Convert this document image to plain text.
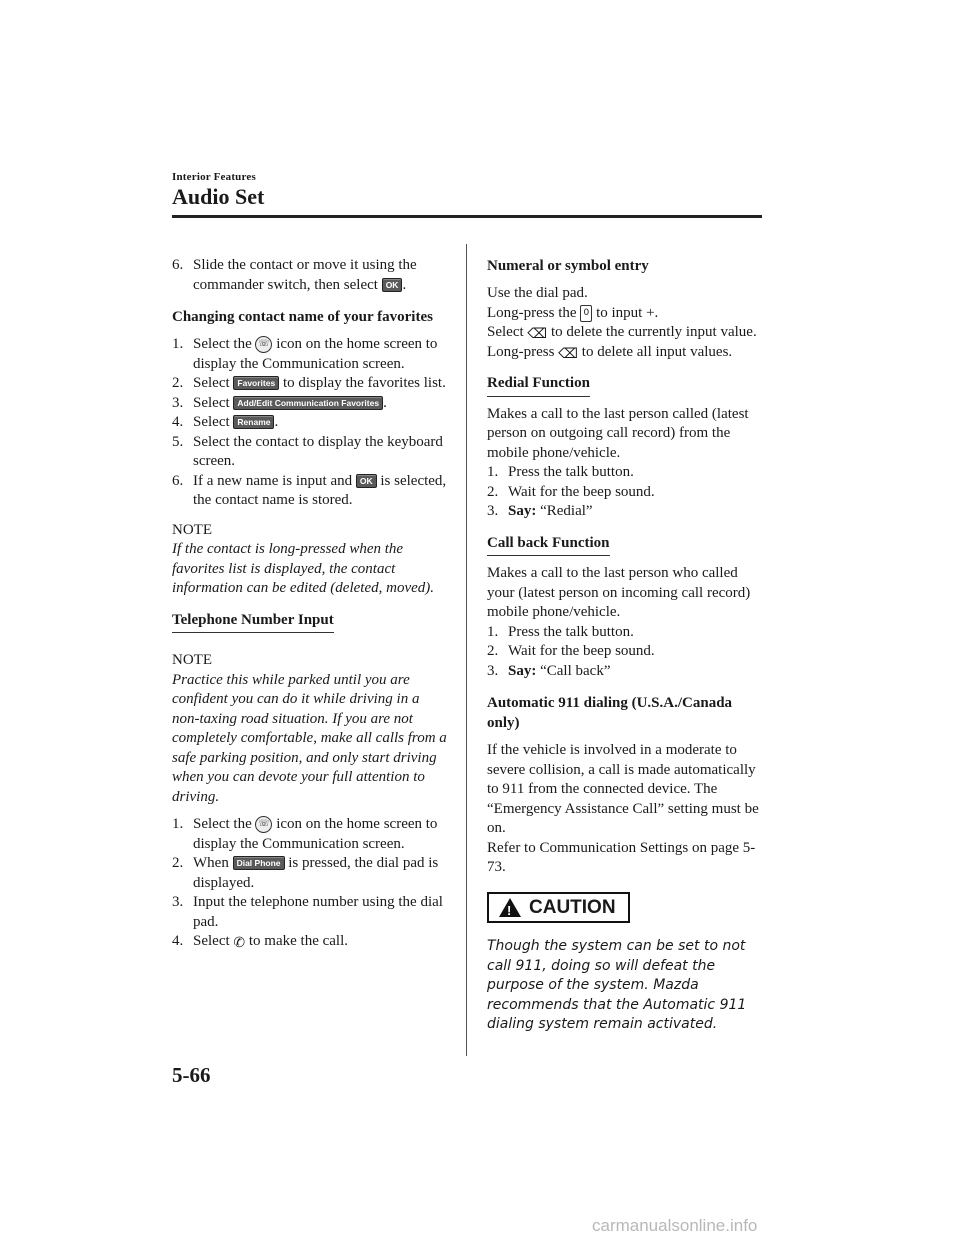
Interior Features
Audio Set
6. Slide the contact or move it using the commander switch, then select OK .
Changing contact name of your favorites
1. Select the ☏ icon on the home screen to display the Communication screen.
2. Select Favorites to display the favorites list.
3. Select Add/Edit Communication Favorites .
4. Select Rename .
5. Select the contact to display the keyboard screen.
6. If a new name is input and OK is selected, the contact name is stored.
NOTE
If the contact is long-pressed when the favorites list is displayed, the contact information can be edited (deleted, moved).
Telephone Number Input
NOTE
Practice this while parked until you are confident you can do it while driving in a non-taxing road situation. If you are not completely comfortable, make all calls from a safe parking position, and only start driving when you can devote your full attention to driving.
1. Select the ☏ icon on the home screen to display the Communication screen.
2. When Dial Phone is pressed, the dial pad is displayed.
3. Input the telephone number using the dial pad.
4. Select ✆ to make the call.
Numeral or symbol entry
Use the dial pad.
Long-press the 0 to input +.
Select ⌫ to delete the currently input value.
Long-press ⌫ to delete all input values.
Redial Function
Makes a call to the last person called (latest person on outgoing call record) from the mobile phone/vehicle.
1. Press the talk button.
2. Wait for the beep sound.
3. Say: “Redial”
Call back Function
Makes a call to the last person who called your (latest person on incoming call record) mobile phone/vehicle.
1. Press the talk button.
2. Wait for the beep sound.
3. Say: “Call back”
Automatic 911 dialing (U.S.A./Canada only)
If the vehicle is involved in a moderate to severe collision, a call is made automatically to 911 from the connected device. The “Emergency Assistance Call” setting must be on.
Refer to Communication Settings on page 5-73.
!
CAUTION

Though the system can be set to not call 911, doing so will defeat the purpose of the system. Mazda recommends that the Automatic 911 dialing system remain activated.

5-66
carmanualsonline.info
